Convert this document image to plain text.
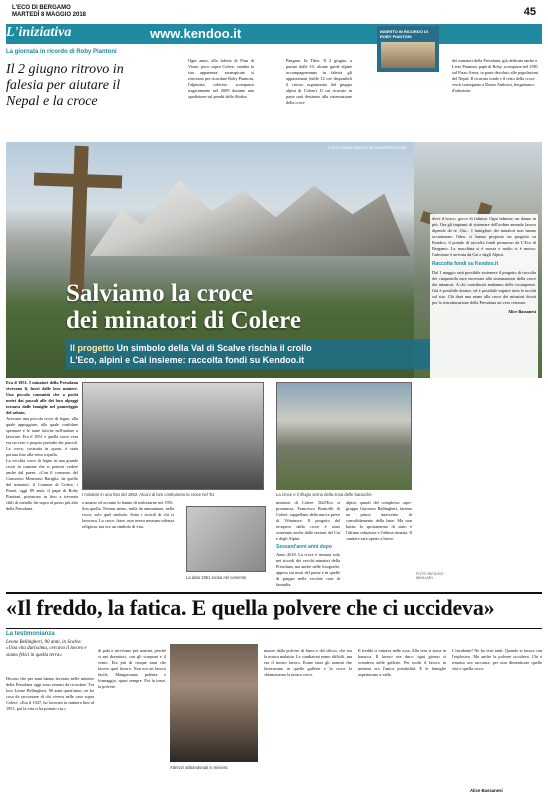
L'ECO DI BERGAMO
MARTEDÌ 8 MAGGIO 2018	45
L'iniziativa	www.kendoo.it	INSERTO IN RICORDO DI ROBY PIANTONI
La giornata in ricordo di Roby Piantoni
Il 2 giugno ritrovo in falesia per aiutare il Nepal e la croce
Ogni anno, alla falesia di Pian di Vione, poco sopra Colere, cambia la sua apparenza: arrampicate si ritrovano per ricordare Roby Piantoni, l'alpinista colerese scomparso tragicamente nel 2009 durante una spedizione sul pendii dello Shisha
Pangma. In Tibet. Il 2 giugno, a partire dalle 10, alcune guide alpine accompagneranno in falesia gli appassionati (nelle 12 ore disponibili il ristoro organizzato dal gruppo alpini di Colere). Il cui ricavato in parte sarà destinato alla sistemazione della croce
dei minatori della Presolana, già dedicata anche a Livio Piantoni, papà di Roby, scomparso nel 1981 sul Pizzo Arera, in parte devoluto alle popolazioni del Nepal. Il ricavato totale e il resto della croce verrà consegnato a Dunio Ambrosi, bergamasco d'adozione.
FOTO FABIO GRITTI / ATTRAVERSO.COM
Salviamo la croce
dei minatori di Colere
Il progetto Un simbolo della Val di Scalve rischia il crollo
L'Eco, alpini e Cai insieme: raccolta fondi su Kendoo.it
dove il bosco, gocce di fulmini. Ogni fulmine, un danno in più. Ora gli impianti di sistemare dell'ordine annuale lavoro dipende da te. Ora... I famigliari dei minatori non hanno accantonato l'idea, ci hanno proposto un progetto su Kendoo, il portale di raccolta fondi promosso da L'Eco di Bergamo. La macchina si è mossa e molto si è mosso: l'adesione è arrivata da Cai e dagli Alpini.
Raccolta fondi su Kendoo.it
Dal 1 maggio sarà possibile sostenere il progetto di raccolta dei cinquemila euro necessari alla sistemazione della croce dei minatori. A chi contribuirà andranno delle ricompense. Già è possibile donare, ed è possibile seguire tutte le novità sul sito. Chi darà una mano alla croce dei minatori dovrà per la ristrutturazione della Presolana un vero restauro.
Alice Bassanesi
Era il 1951. I minatori della Presolana vivevano lì, fuori dalle loro miniere. Una piccola comunità che a pochi metri dai pascoli alle dei loro alpeggi tornava dalle famiglie nel pomeriggio del sabato.
Avevano una piccola croce di legno, alla quale appoggiare, alla quale confidare speranze e le tante fatiche nell'andare a lavorare. Era il 1951 e quella croce vera era un vero e proprio presidio dei pascoli. La croce, costruita in quota, è stata portata fino alla vetta a spalla.
La vecchia croce di legno in una grande croce in comune che si potesse vedere anche dal paese. «Con il consenso del Consorzio Minerario Bariglia, da quello del minatori, il Comune di Colere, i Pianti, oggi 89 anni, il papà di Roby Piantoni, portarono in fino a trecento chili di metallo fin sopra al passo più alto della Presolana.
I minatori in una foto del 1952. Alcuni di loro costruirono la croce nel '51	La croce e il rifugio vicino della zona delle baracche
a umano ed accanto lo hanno di realizzarne nel 1951. Son quella. Nessun meno, nulla da ammantare, nella croce, solo quel simbolo. Sono i ricordi di chi ci lavorava. La croce, forse, non aveva nessuna valenza religiosa, ma era un simbolo di vita.
La data 1951 incisa nel cemento
minatori di Colere. Dall'Eco si pronuncia, Francesco Bonicelli di Colere, cappellano della nuova pieve di Vilminore. Il progetto del recupero dalla croce è stato sostenuto anche dalle sezioni del Cai e degli Alpini.
Sessant'anni anni dopo
Anno 2018. La croce è rimasta solo nei ricordi dei vecchi minatori della Presolana, ma anche nelle fotografie, appesa sui muri del paese e in quelle di gruppo nelle vecchie case di famiglia.
alpini, quindi del complesso capo-gruppo Giacomo Bellingheri, faremo un primo intervento di consolidamento della base. Ma non basta: lo spostamento di stato è l'ultima soluzione e l'ultima rimasta. Il cantiere sarà aperto a breve.
FOTO RIFUGIO MIGLIARI
«Il freddo, la fatica. E quella polvere che ci uccideva»
La testimonianza
Leone Bellingheri, 90 anni, in Scalve: «Una vita durissima, cercavo il lavoro e siamo felici in quella terra»
Dicono che per anni hanno lavorato nelle miniere della Presolana oggi sono rimasti da ricordare. Tra loro Leone Bellingheri, 90 anni quest'anno, ne ha cosa da raccontare di chi viveva nelle case sopra Colere. «Era il 1947, ho lavorato in miniera fino al 1951, poi la vita ci ha portato via.»
di pala e servivano più uomini, perché si nei dormitori, con gli scarponi e il vento. Era più di cinque anni che facevo quel lavoro. Non era un lavoro facile. Mangiavamo polenta e formaggio, quasi sempre. Poi la tosse, la polvere.
Attrezzi abbandonati in miniera
muore dalla polvere di fumo e del silicio, che era la nostra malattia. Le condizioni erano difficili, ma era il nostro lavoro. Erano tanti gli uomini che lavoravano in quelle gallerie e la croce la chiamavamo la nostra croce.
Il freddo ci entrava nelle ossa. Alla sera si stava in baracca. Il lavoro era duro: ogni giorno si scendeva nelle gallerie. Per molti il lavoro in miniera era l'unica possibilità. E le famiglie aspettavano a valle.
L'incidente? Ne ho visti tanti. Quando si lavora con l'esplosivo. Ma anche la polvere uccideva. Chi è rimasto ora racconta, per non dimenticare quelle vite e quella croce.
Alice Bassanesi
